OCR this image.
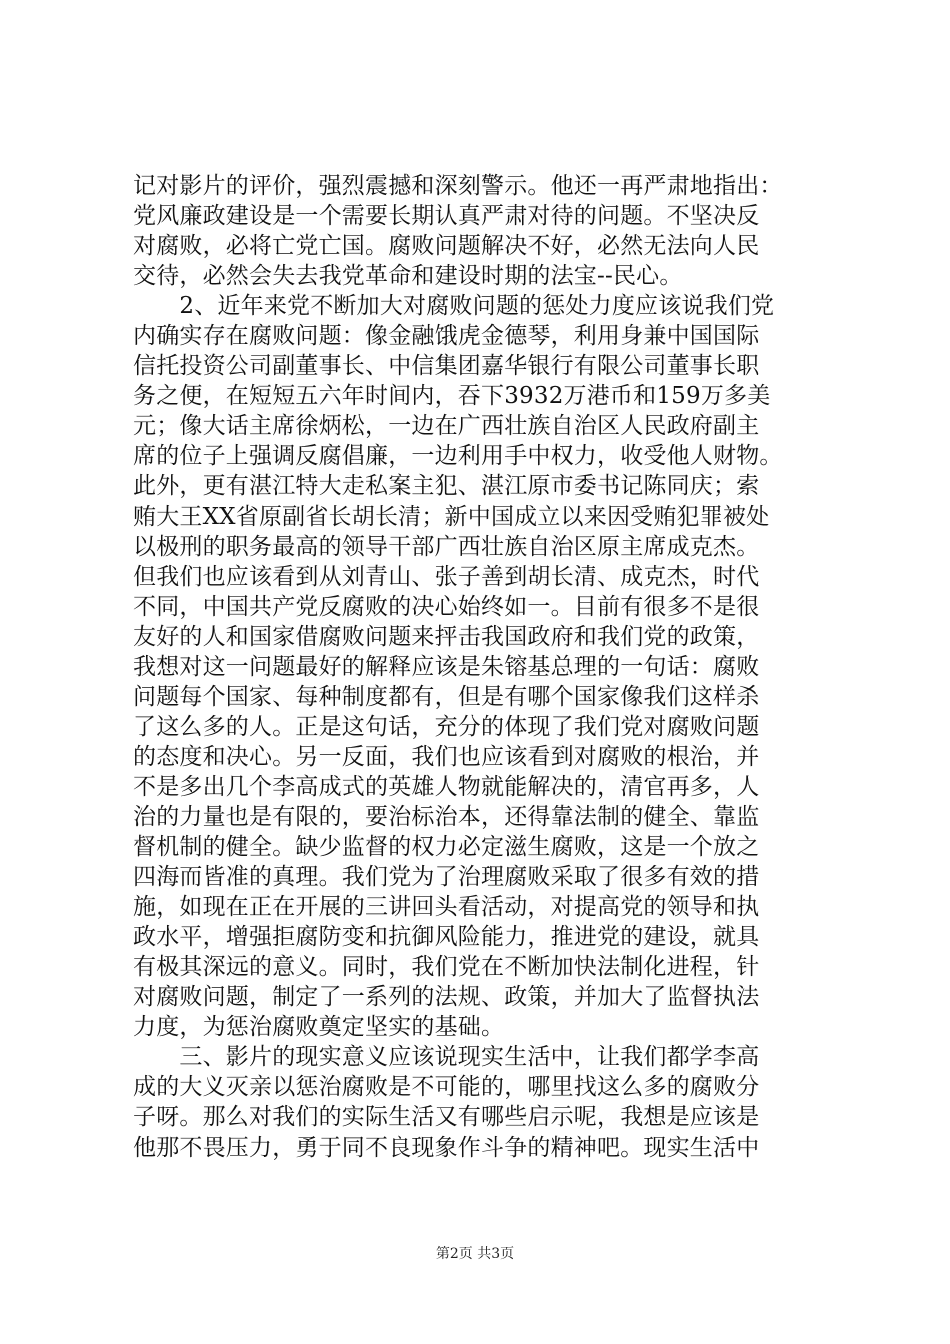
记对影片的评价，强烈震撼和深刻警示。他还一再严肃地指出：
党风廉政建设是一个需要长期认真严肃对待的问题。不坚决反
对腐败，必将亡党亡国。腐败问题解决不好，必然无法向人民
交待，必然会失去我党革命和建设时期的法宝--民心。
　　2、近年来党不断加大对腐败问题的惩处力度应该说我们党
内确实存在腐败问题：像金融饿虎金德琴，利用身兼中国国际
信托投资公司副董事长、中信集团嘉华银行有限公司董事长职
务之便，在短短五六年时间内，吞下3932万港币和159万多美
元；像大话主席徐炳松，一边在广西壮族自治区人民政府副主
席的位子上强调反腐倡廉，一边利用手中权力，收受他人财物。
此外，更有湛江特大走私案主犯、湛江原市委书记陈同庆；索
贿大王XX省原副省长胡长清；新中国成立以来因受贿犯罪被处
以极刑的职务最高的领导干部广西壮族自治区原主席成克杰。
但我们也应该看到从刘青山、张子善到胡长清、成克杰，时代
不同，中国共产党反腐败的决心始终如一。目前有很多不是很
友好的人和国家借腐败问题来抨击我国政府和我们党的政策，
我想对这一问题最好的解释应该是朱镕基总理的一句话：腐败
问题每个国家、每种制度都有，但是有哪个国家像我们这样杀
了这么多的人。正是这句话，充分的体现了我们党对腐败问题
的态度和决心。另一反面，我们也应该看到对腐败的根治，并
不是多出几个李高成式的英雄人物就能解决的，清官再多，人
治的力量也是有限的，要治标治本，还得靠法制的健全、靠监
督机制的健全。缺少监督的权力必定滋生腐败，这是一个放之
四海而皆准的真理。我们党为了治理腐败采取了很多有效的措
施，如现在正在开展的三讲回头看活动，对提高党的领导和执
政水平，增强拒腐防变和抗御风险能力，推进党的建设，就具
有极其深远的意义。同时，我们党在不断加快法制化进程，针
对腐败问题，制定了一系列的法规、政策，并加大了监督执法
力度，为惩治腐败奠定坚实的基础。
　　三、影片的现实意义应该说现实生活中，让我们都学李高
成的大义灭亲以惩治腐败是不可能的，哪里找这么多的腐败分
子呀。那么对我们的实际生活又有哪些启示呢，我想是应该是
他那不畏压力，勇于同不良现象作斗争的精神吧。现实生活中
第2页 共3页
